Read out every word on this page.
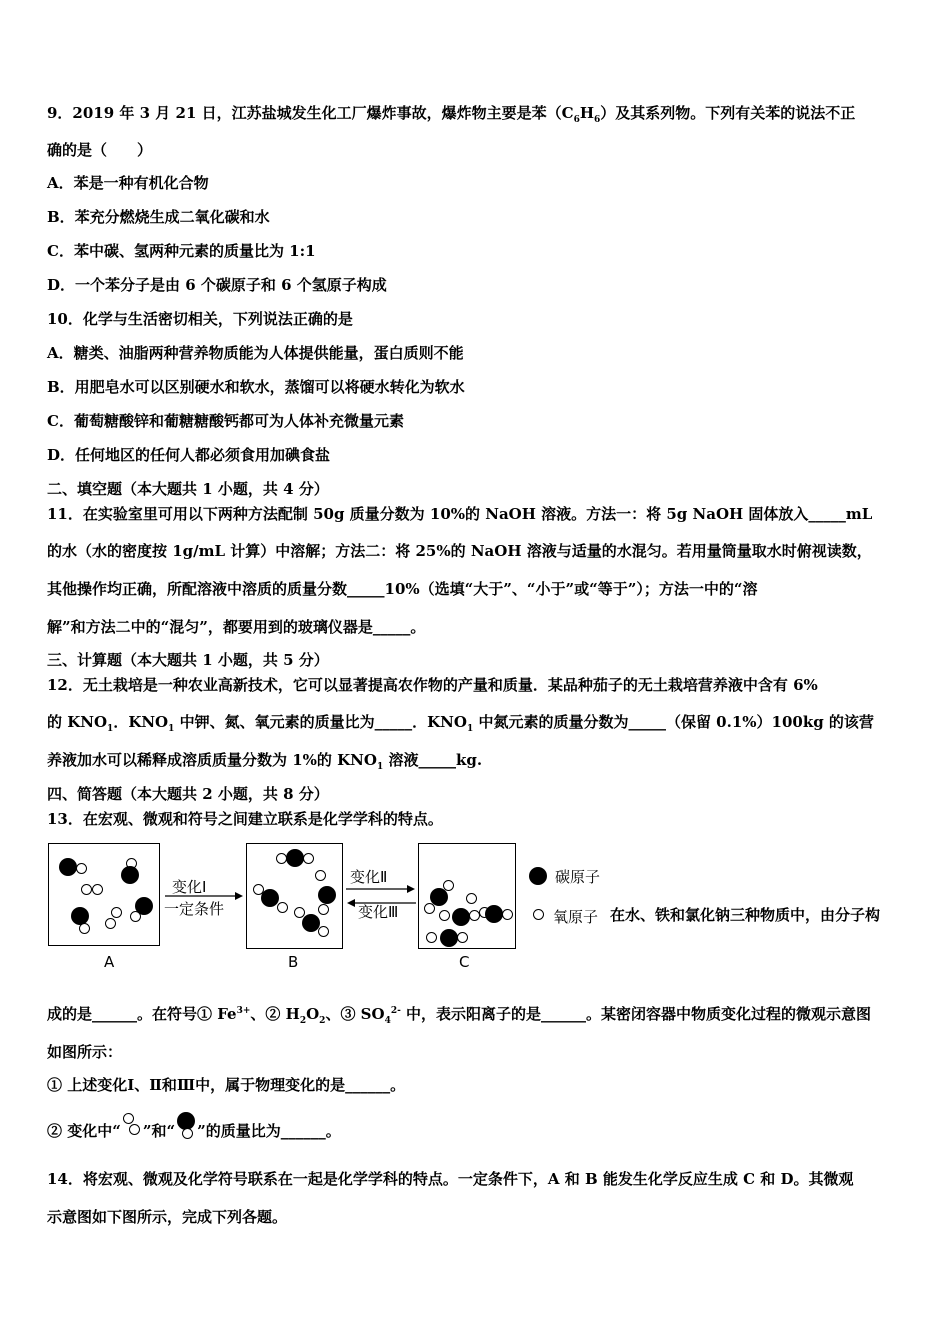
9．2019 年 3 月 21 日，江苏盐城发生化工厂爆炸事故，爆炸物主要是苯$(C_6H_6)$及其系列物。下列有关苯的说法不正
确的是（　　）
A．苯是一种有机化合物
B．苯充分燃烧生成二氧化碳和水
C．苯中碳、氢两种元素的质量比为 1:1
D．一个苯分子是由 6 个碳原子和 6 个氢原子构成
10．化学与生活密切相关，下列说法正确的是
A．糖类、油脂两种营养物质能为人体提供能量，蛋白质则不能
B．用肥皂水可以区别硬水和软水，蒸馏可以将硬水转化为软水
C．葡萄糖酸锌和葡糖糖酸钙都可为人体补充微量元素
D．任何地区的任何人都必须食用加碘食盐
二、填空题（本大题共 1 小题，共 4 分）
11．在实验室里可用以下两种方法配制 50g 质量分数为 10%的 NaOH 溶液。方法一：将 5g NaOH 固体放入_____mL
的水（水的密度按 1g/mL 计算）中溶解；方法二：将 25%的 NaOH 溶液与适量的水混匀。若用量筒量取水时俯视读数，
其他操作均正确，所配溶液中溶质的质量分数_____10%（选填“大于”、“小于”或“等于”）；方法一中的“溶
解”和方法二中的“混匀”，都要用到的玻璃仪器是_____。
三、计算题（本大题共 1 小题，共 5 分）
12．无土栽培是一种农业高新技术，它可以显著提高农作物的产量和质量．某品种茄子的无土栽培营养液中含有 6%
的 $KNO_1$．$KNO_1$ 中钾、氮、氧元素的质量比为_____．$KNO_1$ 中氮元素的质量分数为_____（保留 0.1%）100kg 的该营
养液加水可以稀释成溶质质量分数为 1%的 $KNO_1$ 溶液_____kg.
四、简答题（本大题共 2 小题，共 8 分）
13．在宏观、微观和符号之间建立联系是化学学科的特点。
A
变化Ⅰ
一定条件
B
变化Ⅱ
变化Ⅲ
C
碳原子
氧原子 在水、铁和氯化钠三种物质中，由分子构
成的是______。在符号① $Fe^{3+}$、② $H_2O_2$、③ $SO_4^{2-}$ 中，表示阳离子的是______。某密闭容器中物质变化过程的微观示意图
如图所示：
① 上述变化Ⅰ、Ⅱ和Ⅲ中，属于物理变化的是______。
② 变化中“ ”和“ ”的质量比为______。
14．将宏观、微观及化学符号联系在一起是化学学科的特点。一定条件下，A 和 B 能发生化学反应生成 C 和 D。其微观
示意图如下图所示，完成下列各题。
